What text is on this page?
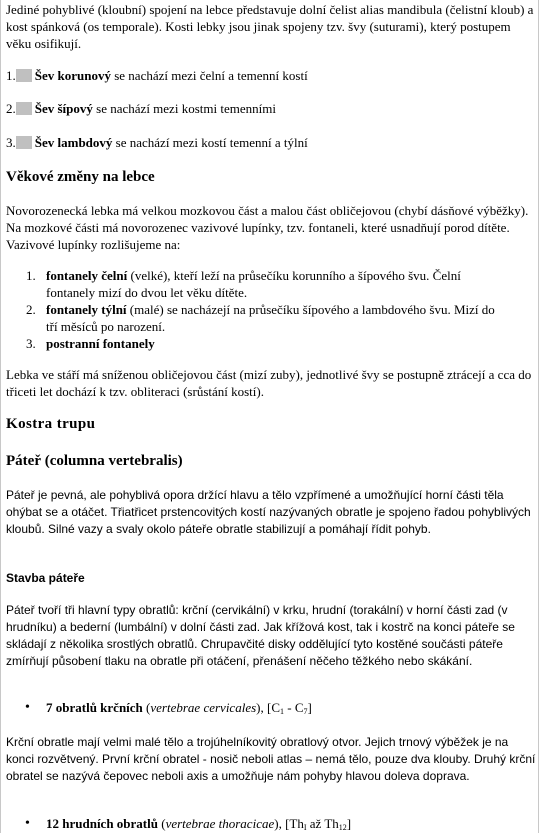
Jediné pohyblivé (kloubní) spojení na lebce představuje dolní čelist alias mandibula (čelistní kloub) a kost spánková (os temporale). Kosti lebky jsou jinak spojeny tzv. švy (suturami), který postupem věku osifikují.

1. Šev korunový se nachází mezi čelní a temenní kostí
2. Šev šípový se nachází mezi kostmi temenními
3. Šev lambdový se nachází mezi kostí temenní a týlní
Věkové změny na lebce

Novorozenecká lebka má velkou mozkovou část a malou část obličejovou (chybí dásňové výběžky). Na mozkové části má novorozenec vazivové lupínky, tzv. fontaneli, které usnadňují porod dítěte. Vazivové lupínky rozlišujeme na:

1. fontanely čelní (velké), kteří leží na průsečíku korunního a šípového švu. Čelní fontanely mizí do dvou let věku dítěte.
2. fontanely týlní (malé) se nacházejí na průsečíku šípového a lambdového švu. Mizí do tří měsíců po narození.
3. postranní fontanely

Lebka ve stáří má sníženou obličejovou část (mizí zuby), jednotlivé švy se postupně ztrácejí a cca do třiceti let dochází k tzv. obliteraci (srůstání kostí).

Kostra trupu
Páteř (columna vertebralis)

Páteř je pevná, ale pohyblivá opora držící hlavu a tělo vzpřímené a umožňující horní části těla ohýbat se a otáčet. Třiatřicet prstencovitých kostí nazývaných obratle je spojeno řadou pohyblivých kloubů. Silné vazy a svaly okolo páteře obratle stabilizují a pomáhají řídit pohyb.

Stavba páteře

Páteř tvoří tři hlavní typy obratlů: krční (cervikální) v krku, hrudní (torakální) v horní části zad (v hrudníku) a bederní (lumbální) v dolní části zad. Jak křížová kost, tak i kostrč na konci páteře se skládají z několika srostlých obratlů. Chrupavčité disky oddělující tyto kostěné součásti páteře zmírňují působení tlaku na obratle při otáčení, přenášení něčeho těžkého nebo skákání.

• 7 obratlů krčních (vertebrae cervicales), $[C_1 - C_7]$

Krční obratle mají velmi malé tělo a trojúhelníkovitý obratlový otvor. Jejich trnový výběžek je na konci rozvětvený. První krční obratel - nosič neboli atlas – nemá tělo, pouze dva klouby. Druhý krční obratel se nazývá čepovec neboli axis a umožňuje nám pohyby hlavou doleva doprava.

• 12 hrudních obratlů (vertebrae thoracicae), [$Th_I$ až $Th_{12}$]
